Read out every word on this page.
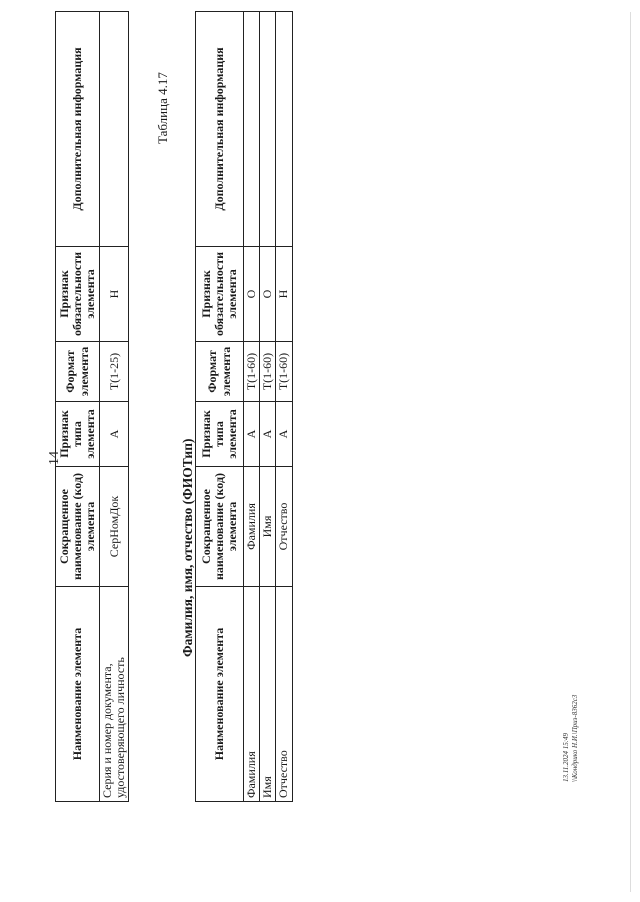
14
Таблица 4.17
Фамилия, имя, отчество (ФИОТип)
Наименование элемента	Сокращенное наименование (код) элемента	Признак типа элемента	Формат элемента	Признак обязательности элемента	Дополнительная информация
Серия и номер документа, удостоверяющего личность	СерНомДок	А	T(1-25)	Н	
Наименование элемента	Сокращенное наименование (код) элемента	Признак типа элемента	Формат элемента	Признак обязательности элемента	Дополнительная информация
Фамилия	Фамилия	А	T(1-60)	О	
Имя	Имя	А	T(1-60)	О	
Отчество	Отчество	А	T(1-60)	Н	
13.11.2024 15:49 \\Кондрико Н.И.\Приз-8362с3
